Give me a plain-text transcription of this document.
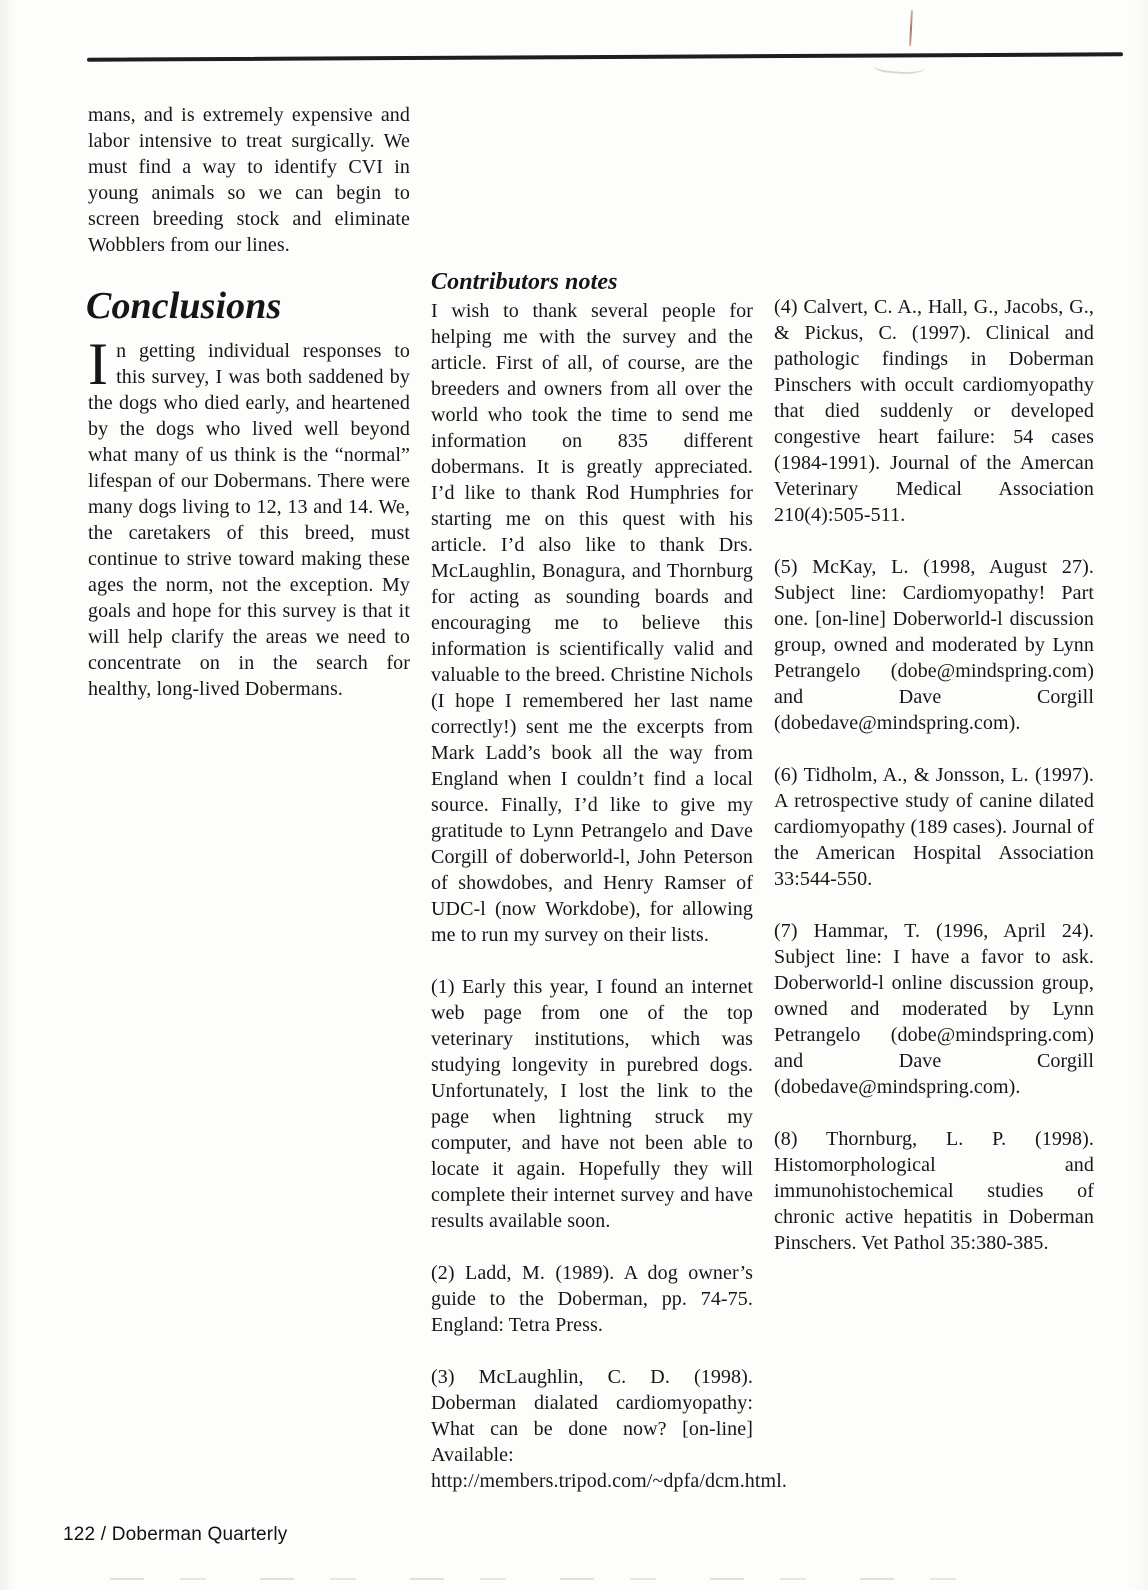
mans, and is extremely expensive and labor intensive to treat surgically. We must find a way to identify CVI in young animals so we can begin to screen breeding stock and eliminate Wobblers from our lines.

Conclusions

In getting individual responses to this survey, I was both saddened by the dogs who died early, and heartened by the dogs who lived well beyond what many of us think is the “normal” lifespan of our Dobermans. There were many dogs living to 12, 13 and 14. We, the caretakers of this breed, must continue to strive toward making these ages the norm, not the exception. My goals and hope for this survey is that it will help clarify the areas we need to concentrate on in the search for healthy, long-lived Dobermans.

Contributors notes

I wish to thank several people for helping me with the survey and the article. First of all, of course, are the breeders and owners from all over the world who took the time to send me information on 835 different dobermans. It is greatly appreciated. I’d like to thank Rod Humphries for starting me on this quest with his article. I’d also like to thank Drs. McLaughlin, Bonagura, and Thornburg for acting as sounding boards and encouraging me to believe this information is scientifically valid and valuable to the breed. Christine Nichols (I hope I remembered her last name correctly!) sent me the excerpts from Mark Ladd’s book all the way from England when I couldn’t find a local source. Finally, I’d like to give my gratitude to Lynn Petrangelo and Dave Corgill of doberworld-l, John Peterson of showdobes, and Henry Ramser of UDC-l (now Workdobe), for allowing me to run my survey on their lists.

(1) Early this year, I found an internet web page from one of the top veterinary institutions, which was studying longevity in purebred dogs. Unfortunately, I lost the link to the page when lightning struck my computer, and have not been able to locate it again. Hopefully they will complete their internet survey and have results available soon.

(2) Ladd, M. (1989). A dog owner’s guide to the Doberman, pp. 74-75. England: Tetra Press.

(3) McLaughlin, C. D. (1998). Doberman dialated cardiomyopathy: What can be done now? [on-line] Available: http://members.tripod.com/~dpfa/dcm.html.

(4) Calvert, C. A., Hall, G., Jacobs, G., & Pickus, C. (1997). Clinical and pathologic findings in Doberman Pinschers with occult cardiomyopathy that died suddenly or developed congestive heart failure: 54 cases (1984-1991). Journal of the Amercan Veterinary Medical Association 210(4):505-511.

(5) McKay, L. (1998, August 27). Subject line: Cardiomyopathy! Part one. [on-line] Doberworld-l discussion group, owned and moderated by Lynn Petrangelo (dobe@mindspring.com) and Dave Corgill (dobedave@mindspring.com).

(6) Tidholm, A., & Jonsson, L. (1997). A retrospective study of canine dilated cardiomyopathy (189 cases). Journal of the American Hospital Association 33:544-550.

(7) Hammar, T. (1996, April 24). Subject line: I have a favor to ask. Doberworld-l online discussion group, owned and moderated by Lynn Petrangelo (dobe@mindspring.com) and Dave Corgill (dobedave@mindspring.com).

(8) Thornburg, L. P. (1998). Histomorphological and immunohistochemical studies of chronic active hepatitis in Doberman Pinschers. Vet Pathol 35:380-385.

122 / Doberman Quarterly
